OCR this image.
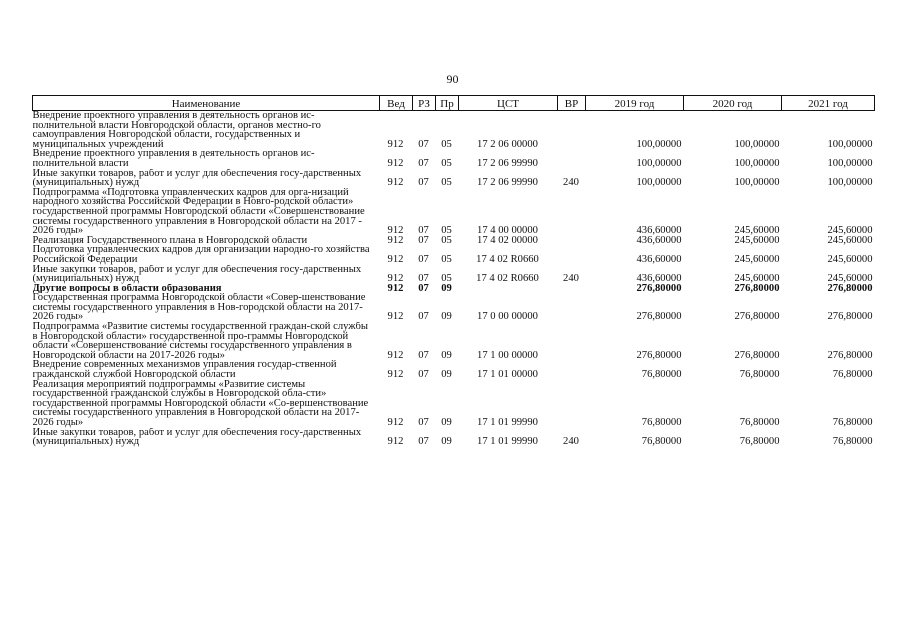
90
Наименование	Вед	РЗ	Пр	ЦСТ	ВР	2019 год	2020 год	2021 год
Внедрение проектного управления в деятельность органов ис-полнительной власти Новгородской области, органов местно-го самоуправления Новгородской области, государственных и муниципальных учреждений	912	07	05	17 2 06 00000		100,00000	100,00000	100,00000
Внедрение проектного управления в деятельность органов ис-полнительной власти	912	07	05	17 2 06 99990		100,00000	100,00000	100,00000
Иные закупки товаров, работ и услуг для обеспечения госу-дарственных (муниципальных) нужд	912	07	05	17 2 06 99990	240	100,00000	100,00000	100,00000
Подпрограмма «Подготовка управленческих кадров для орга-низаций народного хозяйства Российской Федерации в Новго-родской области» государственной программы Новгородской области «Совершенствование системы государственного управления в Новгородской области на 2017 - 2026 годы»	912	07	05	17 4 00 00000		436,60000	245,60000	245,60000
Реализация Государственного плана в Новгородской области	912	07	05	17 4 02 00000		436,60000	245,60000	245,60000
Подготовка управленческих кадров для организации народно-го хозяйства Российской Федерации	912	07	05	17 4 02 R0660		436,60000	245,60000	245,60000
Иные закупки товаров, работ и услуг для обеспечения госу-дарственных (муниципальных) нужд	912	07	05	17 4 02 R0660	240	436,60000	245,60000	245,60000
Другие вопросы в области образования	912	07	09			276,80000	276,80000	276,80000
Государственная программа Новгородской области «Совер-шенствование системы государственного управления в Нов-городской области на 2017-2026 годы»	912	07	09	17 0 00 00000		276,80000	276,80000	276,80000
Подпрограмма «Развитие системы государственной граждан-ской службы в Новгородской области» государственной про-граммы Новгородской области «Совершенствование системы государственного управления в Новгородской области на 2017-2026 годы»	912	07	09	17 1 00 00000		276,80000	276,80000	276,80000
Внедрение современных механизмов управления государ-ственной гражданской службой Новгородской области	912	07	09	17 1 01 00000		76,80000	76,80000	76,80000
Реализация мероприятий подпрограммы «Развитие системы государственной гражданской службы в Новгородской обла-сти» государственной программы Новгородской области «Со-вершенствование системы государственного управления в Новгородской области на 2017-2026 годы»	912	07	09	17 1 01 99990		76,80000	76,80000	76,80000
Иные закупки товаров, работ и услуг для обеспечения госу-дарственных (муниципальных) нужд	912	07	09	17 1 01 99990	240	76,80000	76,80000	76,80000
